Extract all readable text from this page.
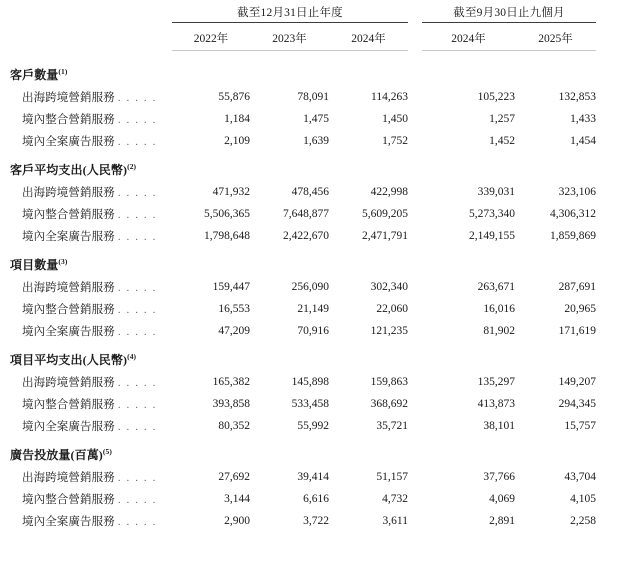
	截至12月31日止年度				截至9月30日止九個月		
	2022年	2023年	2024年		2024年	2025年	

客戶數量$^{(1)}$
出海跨境營銷服務 . . . . .	55,876	78,091	114,263		105,223	132,853	
境內整合營銷服務 . . . . .	1,184	1,475	1,450		1,257	1,433	
境內全案廣告服務 . . . . .	2,109	1,639	1,752		1,452	1,454	
客戶平均支出(人民幣)$^{(2)}$
出海跨境營銷服務 . . . . .	471,932	478,456	422,998		339,031	323,106	
境內整合營銷服務 . . . . .	5,506,365	7,648,877	5,609,205		5,273,340	4,306,312	
境內全案廣告服務 . . . . .	1,798,648	2,422,670	2,471,791		2,149,155	1,859,869	
項目數量$^{(3)}$
出海跨境營銷服務 . . . . .	159,447	256,090	302,340		263,671	287,691	
境內整合營銷服務 . . . . .	16,553	21,149	22,060		16,016	20,965	
境內全案廣告服務 . . . . .	47,209	70,916	121,235		81,902	171,619	
項目平均支出(人民幣)$^{(4)}$
出海跨境營銷服務 . . . . .	165,382	145,898	159,863		135,297	149,207	
境內整合營銷服務 . . . . .	393,858	533,458	368,692		413,873	294,345	
境內全案廣告服務 . . . . .	80,352	55,992	35,721		38,101	15,757	
廣告投放量(百萬)$^{(5)}$
出海跨境營銷服務 . . . . .	27,692	39,414	51,157		37,766	43,704	
境內整合營銷服務 . . . . .	3,144	6,616	4,732		4,069	4,105	
境內全案廣告服務 . . . . .	2,900	3,722	3,611		2,891	2,258	
